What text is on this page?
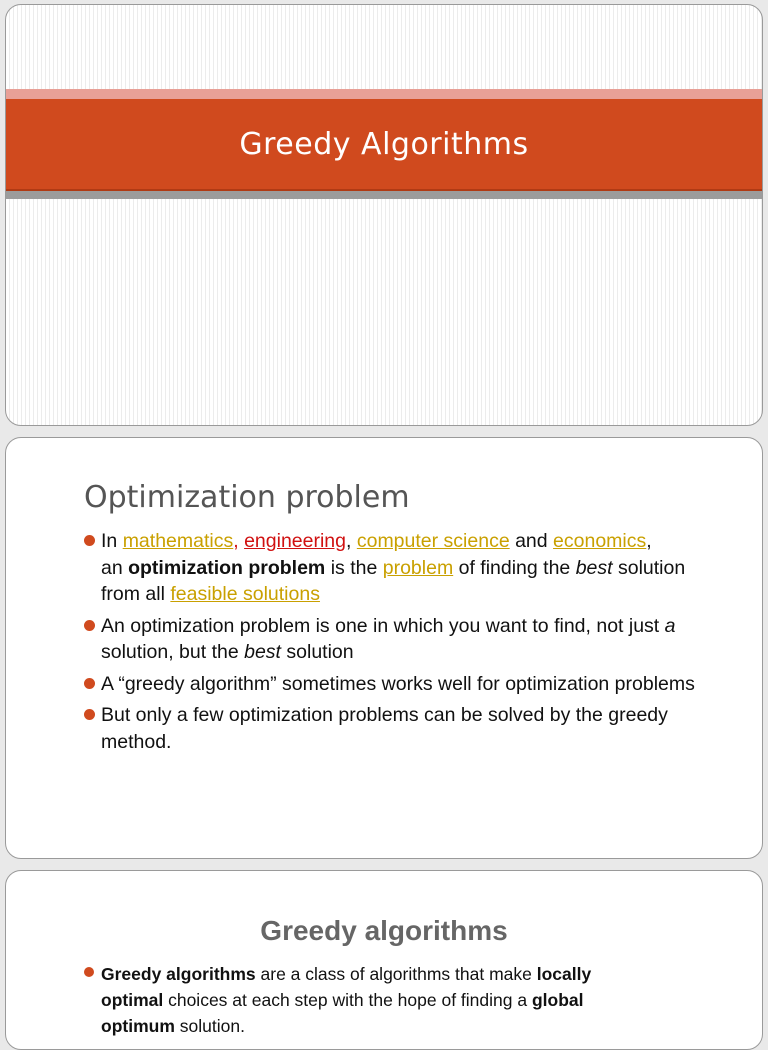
Greedy Algorithms
Optimization problem
In mathematics, engineering, computer science and economics,
an optimization problem is the problem of finding the best solution from all feasible solutions
An optimization problem is one in which you want to find, not just a solution, but the best solution
A “greedy algorithm” sometimes works well for optimization problems
But only a few optimization problems can be solved by the greedy method.
Greedy algorithms
Greedy algorithms are a class of algorithms that make locally optimal choices at each step with the hope of finding a global optimum solution.
